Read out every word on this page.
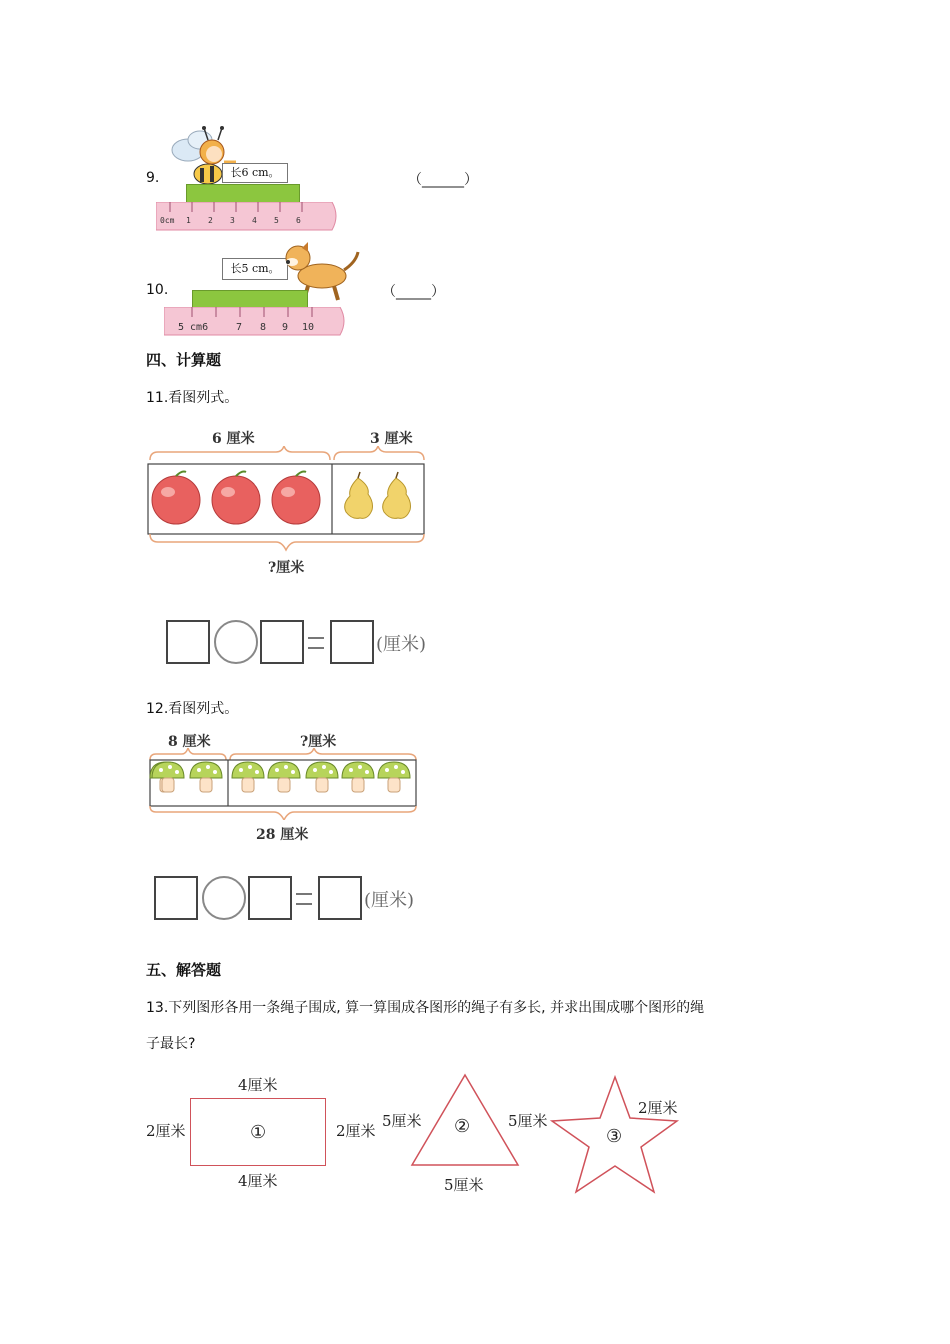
9.	长6 cm。
0cm 1 2 3 4 5 6
（______）
10.
长5 cm。
5 cm6	7 8 9 10
（_____）
四、计算题
11.看图列式。
6 厘米	3 厘米
?厘米
(厘米)
12.看图列式。
8 厘米	?厘米
28 厘米
(厘米)
五、解答题
13.下列图形各用一条绳子围成, 算一算围成各图形的绳子有多长, 并求出围成哪个图形的绳
子最长?
4厘米
①
2厘米	2厘米
4厘米
②
5厘米	5厘米
5厘米
③
2厘米
